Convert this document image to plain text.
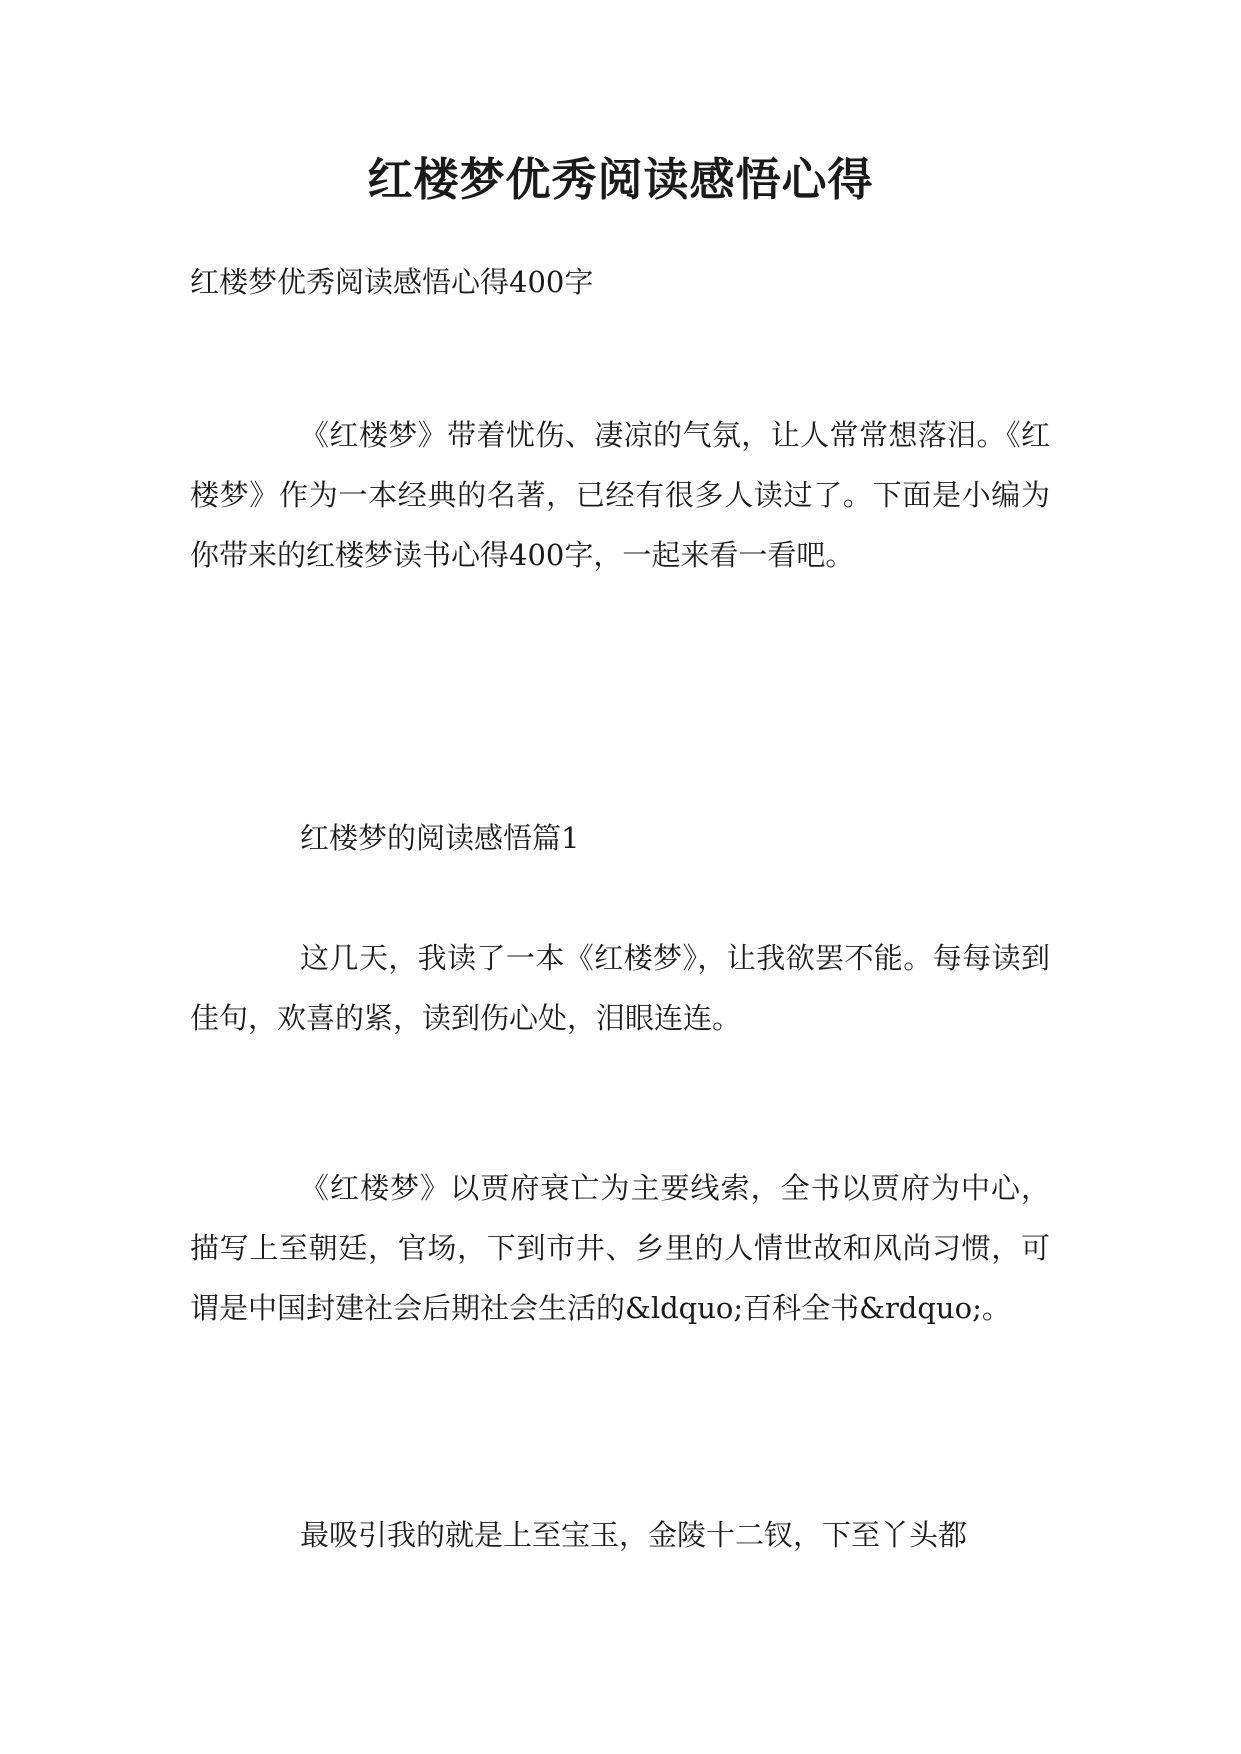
红楼梦优秀阅读感悟心得
红楼梦优秀阅读感悟心得400字

《红楼梦》带着忧伤、凄凉的气氛，让人常常想落泪。《红楼梦》作为一本经典的名著，已经有很多人读过了。下面是小编为你带来的红楼梦读书心得400字，一起来看一看吧。

红楼梦的阅读感悟篇1

这几天，我读了一本《红楼梦》，让我欲罢不能。每每读到佳句，欢喜的紧，读到伤心处，泪眼连连。

《红楼梦》以贾府衰亡为主要线索，全书以贾府为中心，描写上至朝廷，官场，下到市井、乡里的人情世故和风尚习惯，可谓是中国封建社会后期社会生活的&ldquo;百科全书&rdquo;。

最吸引我的就是上至宝玉，金陵十二钗，下至丫头都
